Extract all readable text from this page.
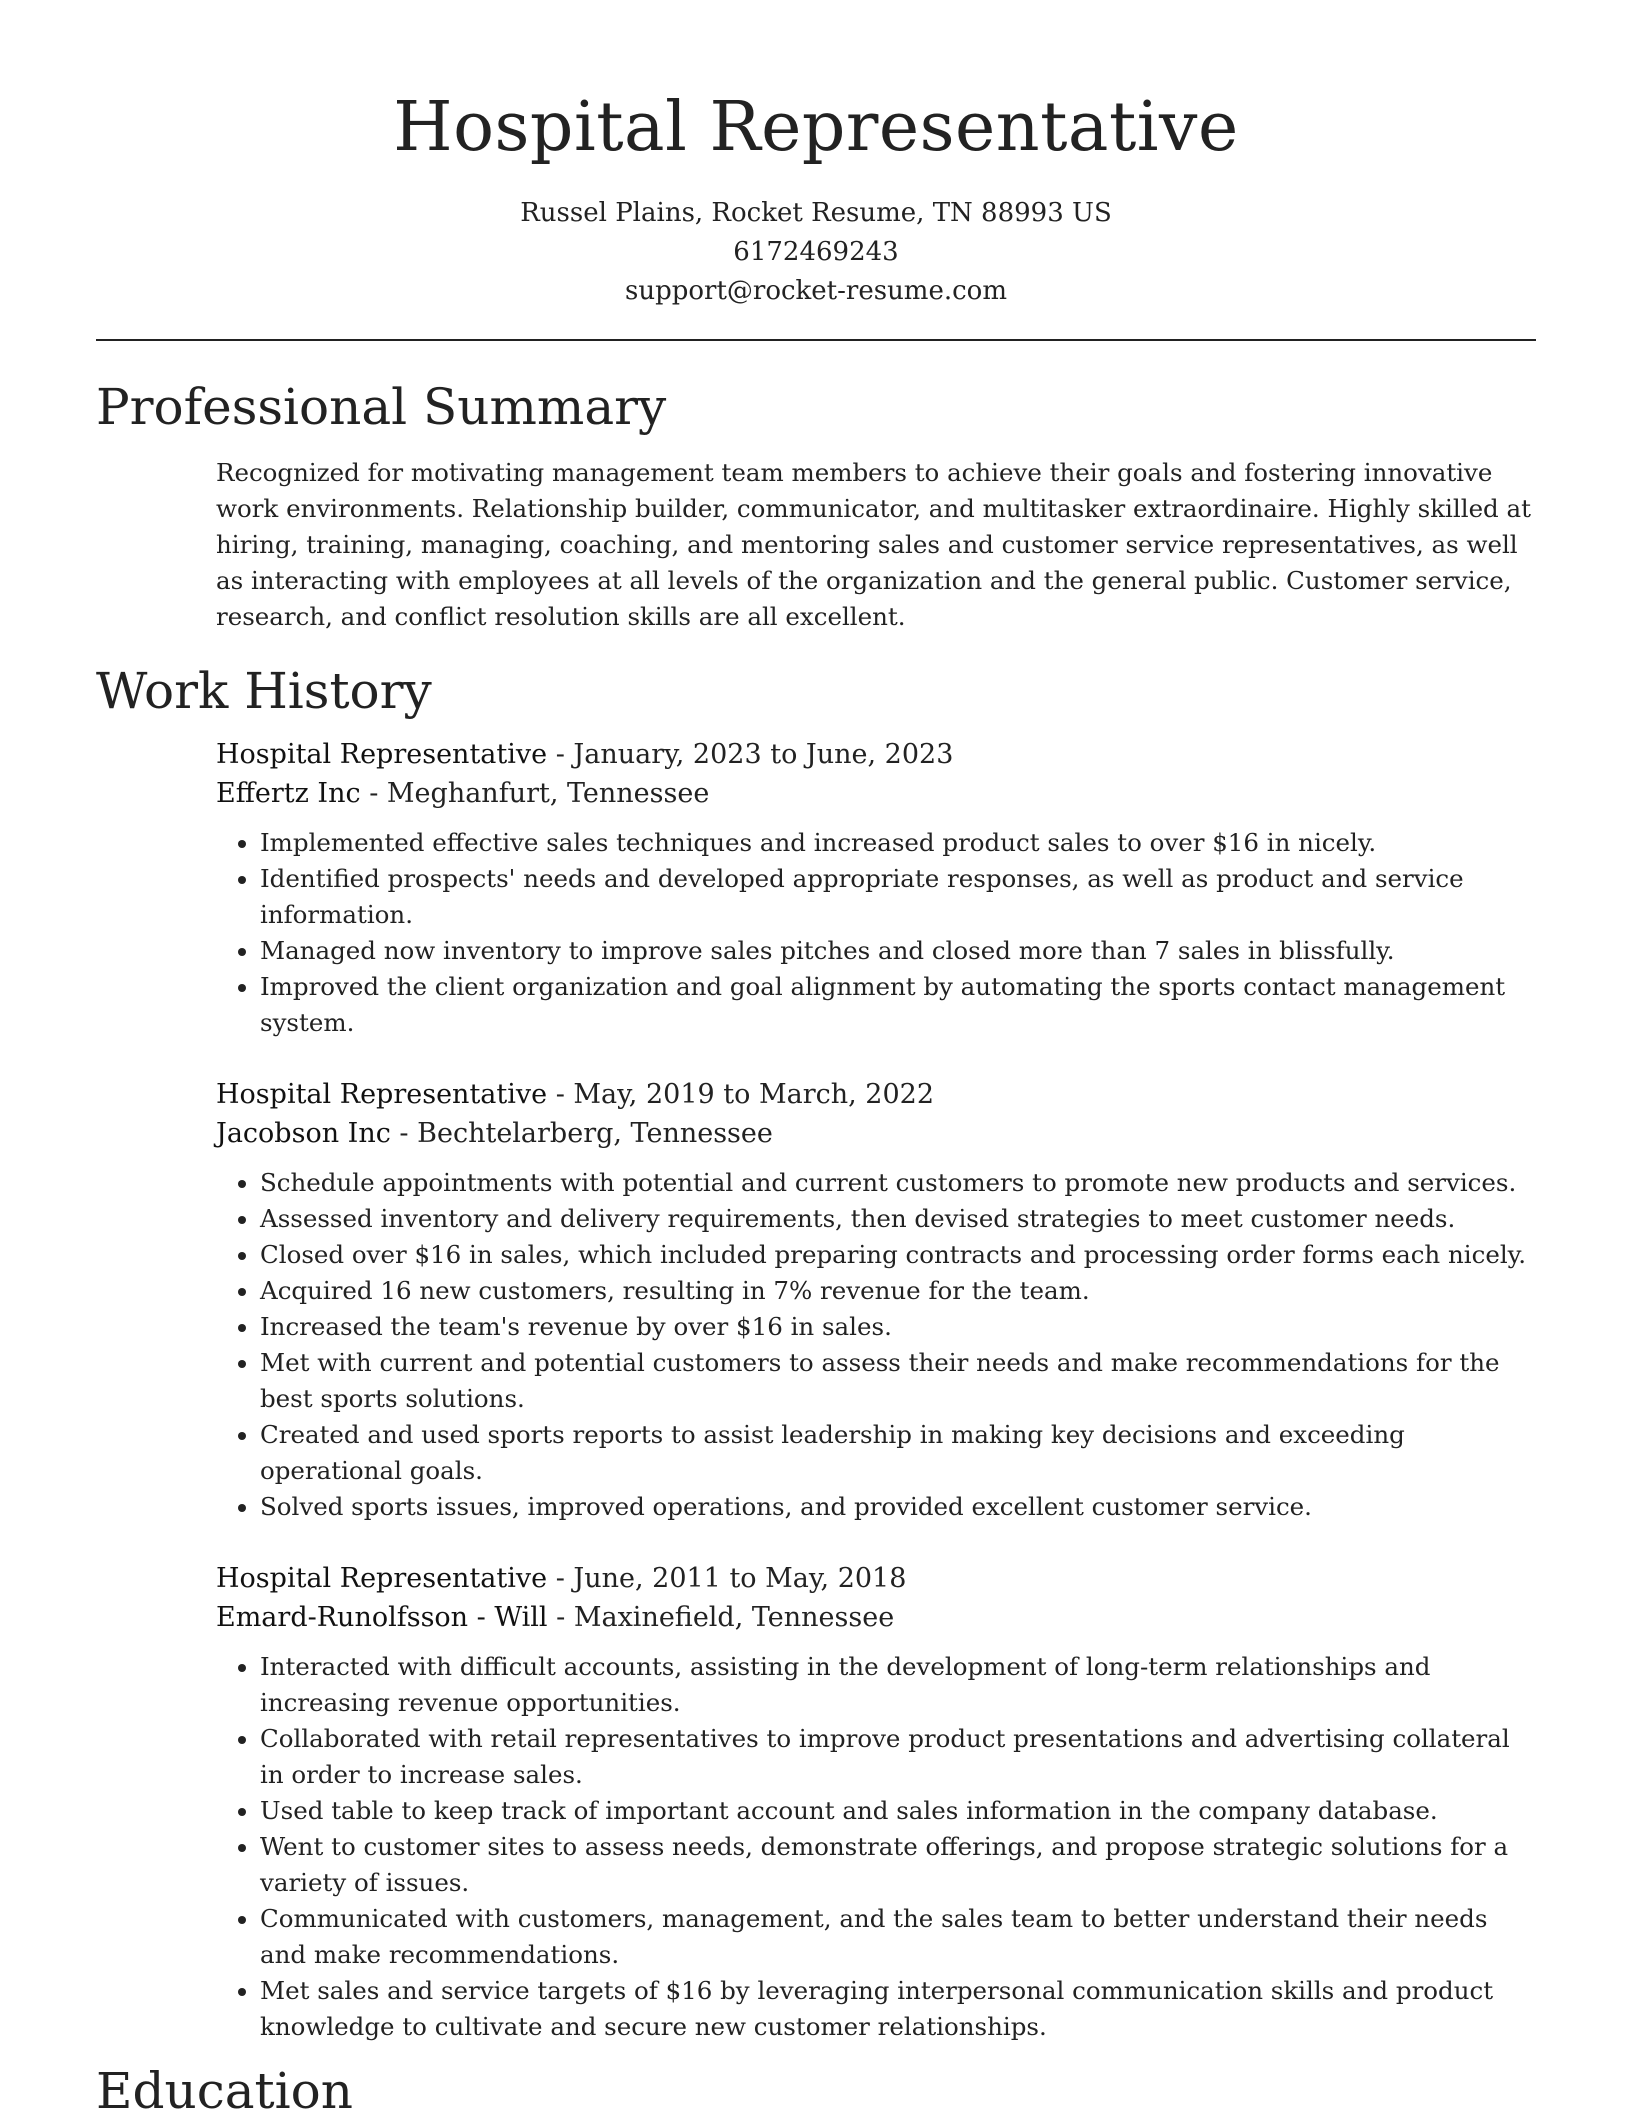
Hospital Representative
Russel Plains, Rocket Resume, TN 88993 US
6172469243
support@rocket-resume.com
Professional Summary

Recognized for motivating management team members to achieve their goals and fostering innovative work environments. Relationship builder, communicator, and multitasker extraordinaire. Highly skilled at hiring, training, managing, coaching, and mentoring sales and customer service representatives, as well as interacting with employees at all levels of the organization and the general public. Customer service, research, and conflict resolution skills are all excellent.

Work History
Hospital Representative - January, 2023 to June, 2023
Effertz Inc - Meghanfurt, Tennessee
• Implemented effective sales techniques and increased product sales to over $16 in nicely.
• Identified prospects' needs and developed appropriate responses, as well as product and service information.
• Managed now inventory to improve sales pitches and closed more than 7 sales in blissfully.
• Improved the client organization and goal alignment by automating the sports contact management system.
Hospital Representative - May, 2019 to March, 2022
Jacobson Inc - Bechtelarberg, Tennessee
• Schedule appointments with potential and current customers to promote new products and services.
• Assessed inventory and delivery requirements, then devised strategies to meet customer needs.
• Closed over $16 in sales, which included preparing contracts and processing order forms each nicely.
• Acquired 16 new customers, resulting in 7% revenue for the team.
• Increased the team's revenue by over $16 in sales.
• Met with current and potential customers to assess their needs and make recommendations for the best sports solutions.
• Created and used sports reports to assist leadership in making key decisions and exceeding operational goals.
• Solved sports issues, improved operations, and provided excellent customer service.
Hospital Representative - June, 2011 to May, 2018
Emard-Runolfsson - Will - Maxinefield, Tennessee
• Interacted with difficult accounts, assisting in the development of long-term relationships and increasing revenue opportunities.
• Collaborated with retail representatives to improve product presentations and advertising collateral in order to increase sales.
• Used table to keep track of important account and sales information in the company database.
• Went to customer sites to assess needs, demonstrate offerings, and propose strategic solutions for a variety of issues.
• Communicated with customers, management, and the sales team to better understand their needs and make recommendations.
• Met sales and service targets of $16 by leveraging interpersonal communication skills and product knowledge to cultivate and secure new customer relationships.
Education
